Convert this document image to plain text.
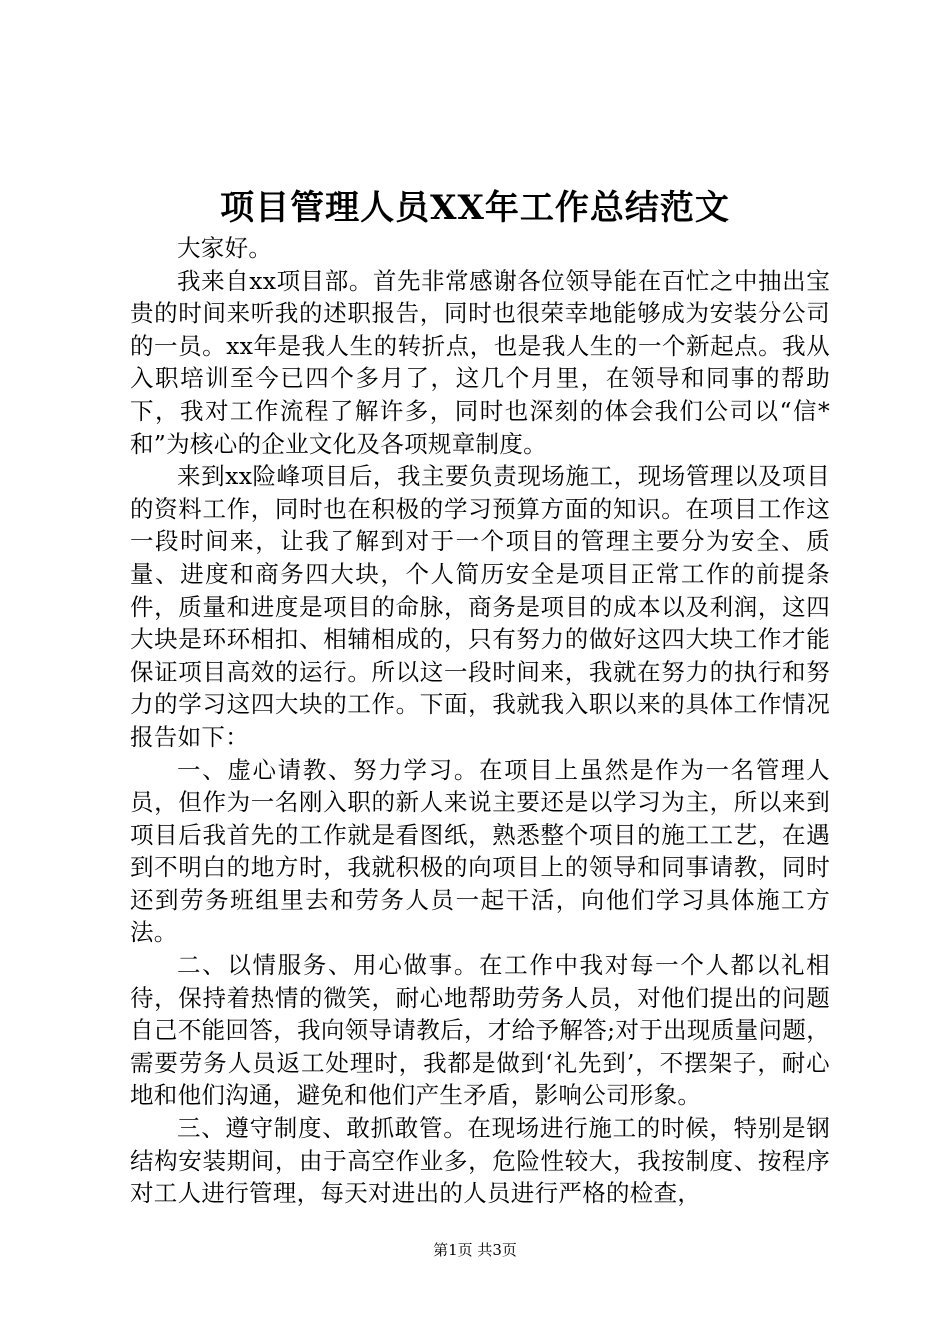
项目管理人员XX年工作总结范文

大家好。

我来自xx项目部。首先非常感谢各位领导能在百忙之中抽出宝贵的时间来听我的述职报告，同时也很荣幸地能够成为安装分公司的一员。xx年是我人生的转折点，也是我人生的一个新起点。我从入职培训至今已四个多月了，这几个月里，在领导和同事的帮助下，我对工作流程了解许多，同时也深刻的体会我们公司以“信*和”为核心的企业文化及各项规章制度。

来到xx险峰项目后，我主要负责现场施工，现场管理以及项目的资料工作，同时也在积极的学习预算方面的知识。在项目工作这一段时间来，让我了解到对于一个项目的管理主要分为安全、质量、进度和商务四大块，个人简历安全是项目正常工作的前提条件，质量和进度是项目的命脉，商务是项目的成本以及利润，这四大块是环环相扣、相辅相成的，只有努力的做好这四大块工作才能保证项目高效的运行。所以这一段时间来，我就在努力的执行和努力的学习这四大块的工作。下面，我就我入职以来的具体工作情况报告如下：

一、虚心请教、努力学习。在项目上虽然是作为一名管理人员，但作为一名刚入职的新人来说主要还是以学习为主，所以来到项目后我首先的工作就是看图纸，熟悉整个项目的施工工艺，在遇到不明白的地方时，我就积极的向项目上的领导和同事请教，同时还到劳务班组里去和劳务人员一起干活，向他们学习具体施工方法。

二、以情服务、用心做事。在工作中我对每一个人都以礼相待，保持着热情的微笑，耐心地帮助劳务人员，对他们提出的问题自己不能回答，我向领导请教后，才给予解答;对于出现质量问题，需要劳务人员返工处理时，我都是做到‘礼先到’，不摆架子，耐心地和他们沟通，避免和他们产生矛盾，影响公司形象。

三、遵守制度、敢抓敢管。在现场进行施工的时候，特别是钢结构安装期间，由于高空作业多，危险性较大，我按制度、按程序对工人进行管理，每天对进出的人员进行严格的检查，

第1页 共3页
